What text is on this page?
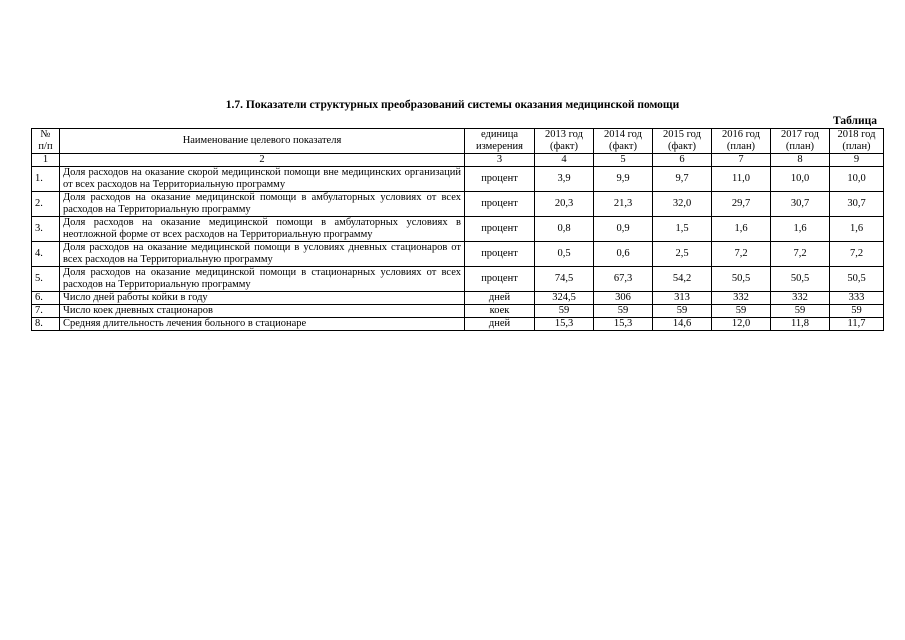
1.7. Показатели структурных преобразований системы оказания медицинской помощи
Таблица
№ п/п	Наименование целевого показателя	единица измерения	2013 год (факт)	2014 год (факт)	2015 год (факт)	2016 год (план)	2017 год (план)	2018 год (план)
1	2	3	4	5	6	7	8	9
1.	Доля расходов на оказание скорой медицинской помощи вне медицинских организаций от всех расходов на Территориальную программу	процент	3,9	9,9	9,7	11,0	10,0	10,0
2.	Доля расходов на оказание медицинской помощи в амбулаторных условиях от всех расходов на Территориальную программу	процент	20,3	21,3	32,0	29,7	30,7	30,7
3.	Доля расходов на оказание медицинской помощи в амбулаторных условиях в неотложной форме от всех расходов на Территориальную программу	процент	0,8	0,9	1,5	1,6	1,6	1,6
4.	Доля расходов на оказание медицинской помощи в условиях дневных стационаров от всех расходов на Территориальную программу	процент	0,5	0,6	2,5	7,2	7,2	7,2
5.	Доля расходов на оказание медицинской помощи в стационарных условиях от всех расходов на Территориальную программу	процент	74,5	67,3	54,2	50,5	50,5	50,5
6.	Число дней работы койки в году	дней	324,5	306	313	332	332	333
7.	Число коек дневных стационаров	коек	59	59	59	59	59	59
8.	Средняя длительность лечения больного в стационаре	дней	15,3	15,3	14,6	12,0	11,8	11,7
